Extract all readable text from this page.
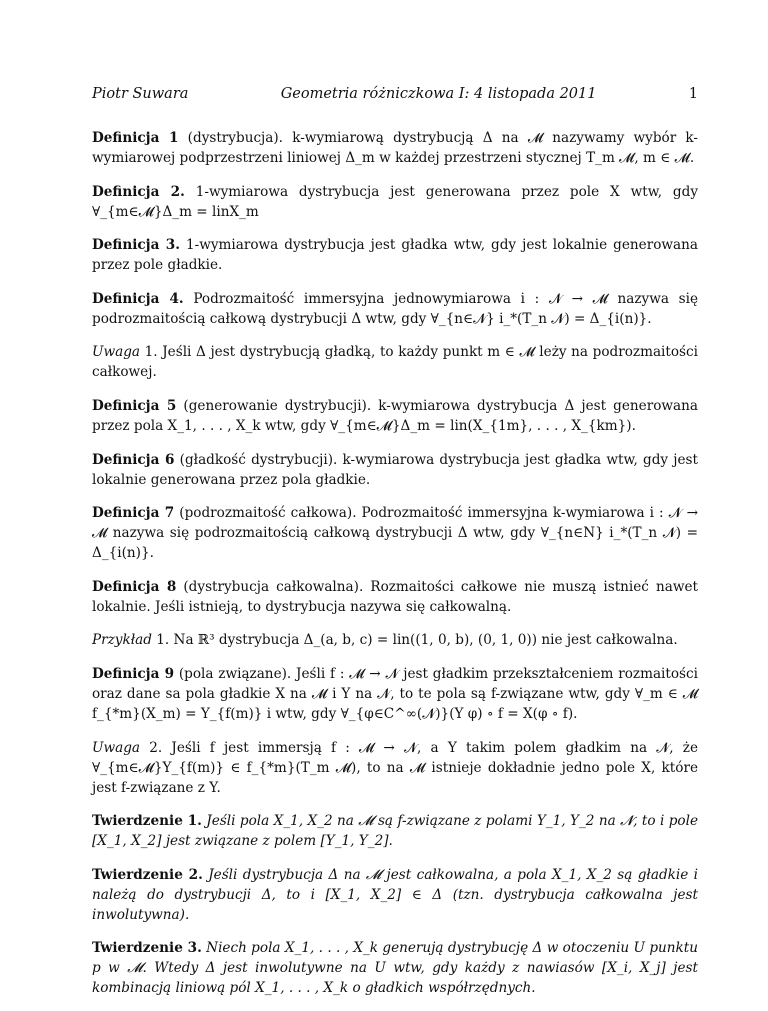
Piotr Suwara	Geometria różniczkowa I: 4 listopada 2011	1

Definicja 1 (dystrybucja). k-wymiarową dystrybucją Δ na 𝓜 nazywamy wybór k-wymiarowej podprzestrzeni liniowej Δ_m w każdej przestrzeni stycznej T_m 𝓜, m ∈ 𝓜.

Definicja 2. 1-wymiarowa dystrybucja jest generowana przez pole X wtw, gdy ∀_{m∈𝓜}Δ_m = linX_m

Definicja 3. 1-wymiarowa dystrybucja jest gładka wtw, gdy jest lokalnie generowana przez pole gładkie.

Definicja 4. Podrozmaitość immersyjna jednowymiarowa i : 𝓝 → 𝓜 nazywa się podrozmaitością całkową dystrybucji Δ wtw, gdy ∀_{n∈𝓝} i_*(T_n 𝓝) = Δ_{i(n)}.

Uwaga 1. Jeśli Δ jest dystrybucją gładką, to każdy punkt m ∈ 𝓜 leży na podrozmaitości całkowej.

Definicja 5 (generowanie dystrybucji). k-wymiarowa dystrybucja Δ jest generowana przez pola X_1, . . . , X_k wtw, gdy ∀_{m∈𝓜}Δ_m = lin(X_{1m}, . . . , X_{km}).

Definicja 6 (gładkość dystrybucji). k-wymiarowa dystrybucja jest gładka wtw, gdy jest lokalnie generowana przez pola gładkie.

Definicja 7 (podrozmaitość całkowa). Podrozmaitość immersyjna k-wymiarowa i : 𝓝 → 𝓜 nazywa się podrozmaitością całkową dystrybucji Δ wtw, gdy ∀_{n∈N} i_*(T_n 𝓝) = Δ_{i(n)}.

Definicja 8 (dystrybucja całkowalna). Rozmaitości całkowe nie muszą istnieć nawet lokalnie. Jeśli istnieją, to dystrybucja nazywa się całkowalną.

Przykład 1. Na ℝ³ dystrybucja Δ_(a, b, c) = lin((1, 0, b), (0, 1, 0)) nie jest całkowalna.

Definicja 9 (pola związane). Jeśli f : 𝓜 → 𝓝 jest gładkim przekształceniem rozmaitości oraz dane sa pola gładkie X na 𝓜 i Y na 𝓝, to te pola są f-związane wtw, gdy ∀_m ∈ 𝓜 f_{*m}(X_m) = Y_{f(m)} i wtw, gdy ∀_{φ∈C^∞(𝓝)}(Y φ) ∘ f = X(φ ∘ f).

Uwaga 2. Jeśli f jest immersją f : 𝓜 → 𝓝, a Y takim polem gładkim na 𝓝, że ∀_{m∈𝓜}Y_{f(m)} ∈ f_{*m}(T_m 𝓜), to na 𝓜 istnieje dokładnie jedno pole X, które jest f-związane z Y.

Twierdzenie 1. Jeśli pola X_1, X_2 na 𝓜 są f-związane z polami Y_1, Y_2 na 𝓝, to i pole [X_1, X_2] jest związane z polem [Y_1, Y_2].

Twierdzenie 2. Jeśli dystrybucja Δ na 𝓜 jest całkowalna, a pola X_1, X_2 są gładkie i należą do dystrybucji Δ, to i [X_1, X_2] ∈ Δ (tzn. dystrybucja całkowalna jest inwolutywna).

Twierdzenie 3. Niech pola X_1, . . . , X_k generują dystrybucję Δ w otoczeniu U punktu p w 𝓜. Wtedy Δ jest inwolutywne na U wtw, gdy każdy z nawiasów [X_i, X_j] jest kombinacją liniową pól X_1, . . . , X_k o gładkich współrzędnych.
